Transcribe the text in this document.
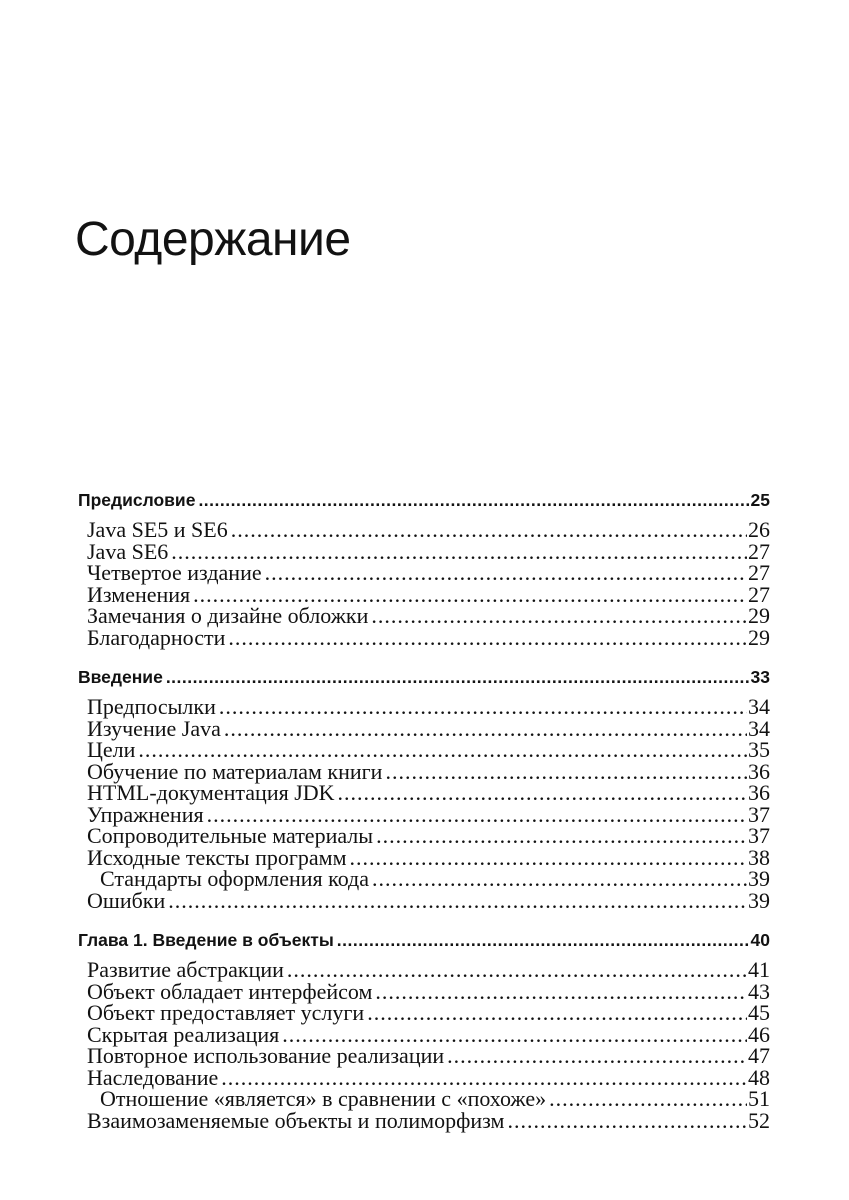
Содержание
Предисловие .....	25
Java SE5 и SE6 .....	26
Java SE6 .....	27
Четвертое издание .....	27
Изменения .....	27
Замечания о дизайне обложки .....	29
Благодарности .....	29
Введение .....	33
Предпосылки .....	34
Изучение Java .....	34
Цели .....	35
Обучение по материалам книги .....	36
HTML-документация JDK .....	36
Упражнения .....	37
Сопроводительные материалы .....	37
Исходные тексты программ .....	38
Стандарты оформления кода .....	39
Ошибки .....	39
Глава 1. Введение в объекты .....	40
Развитие абстракции .....	41
Объект обладает интерфейсом .....	43
Объект предоставляет услуги .....	45
Скрытая реализация .....	46
Повторное использование реализации .....	47
Наследование .....	48
Отношение «является» в сравнении с «похоже» .....	51
Взаимозаменяемые объекты и полиморфизм .....	52
